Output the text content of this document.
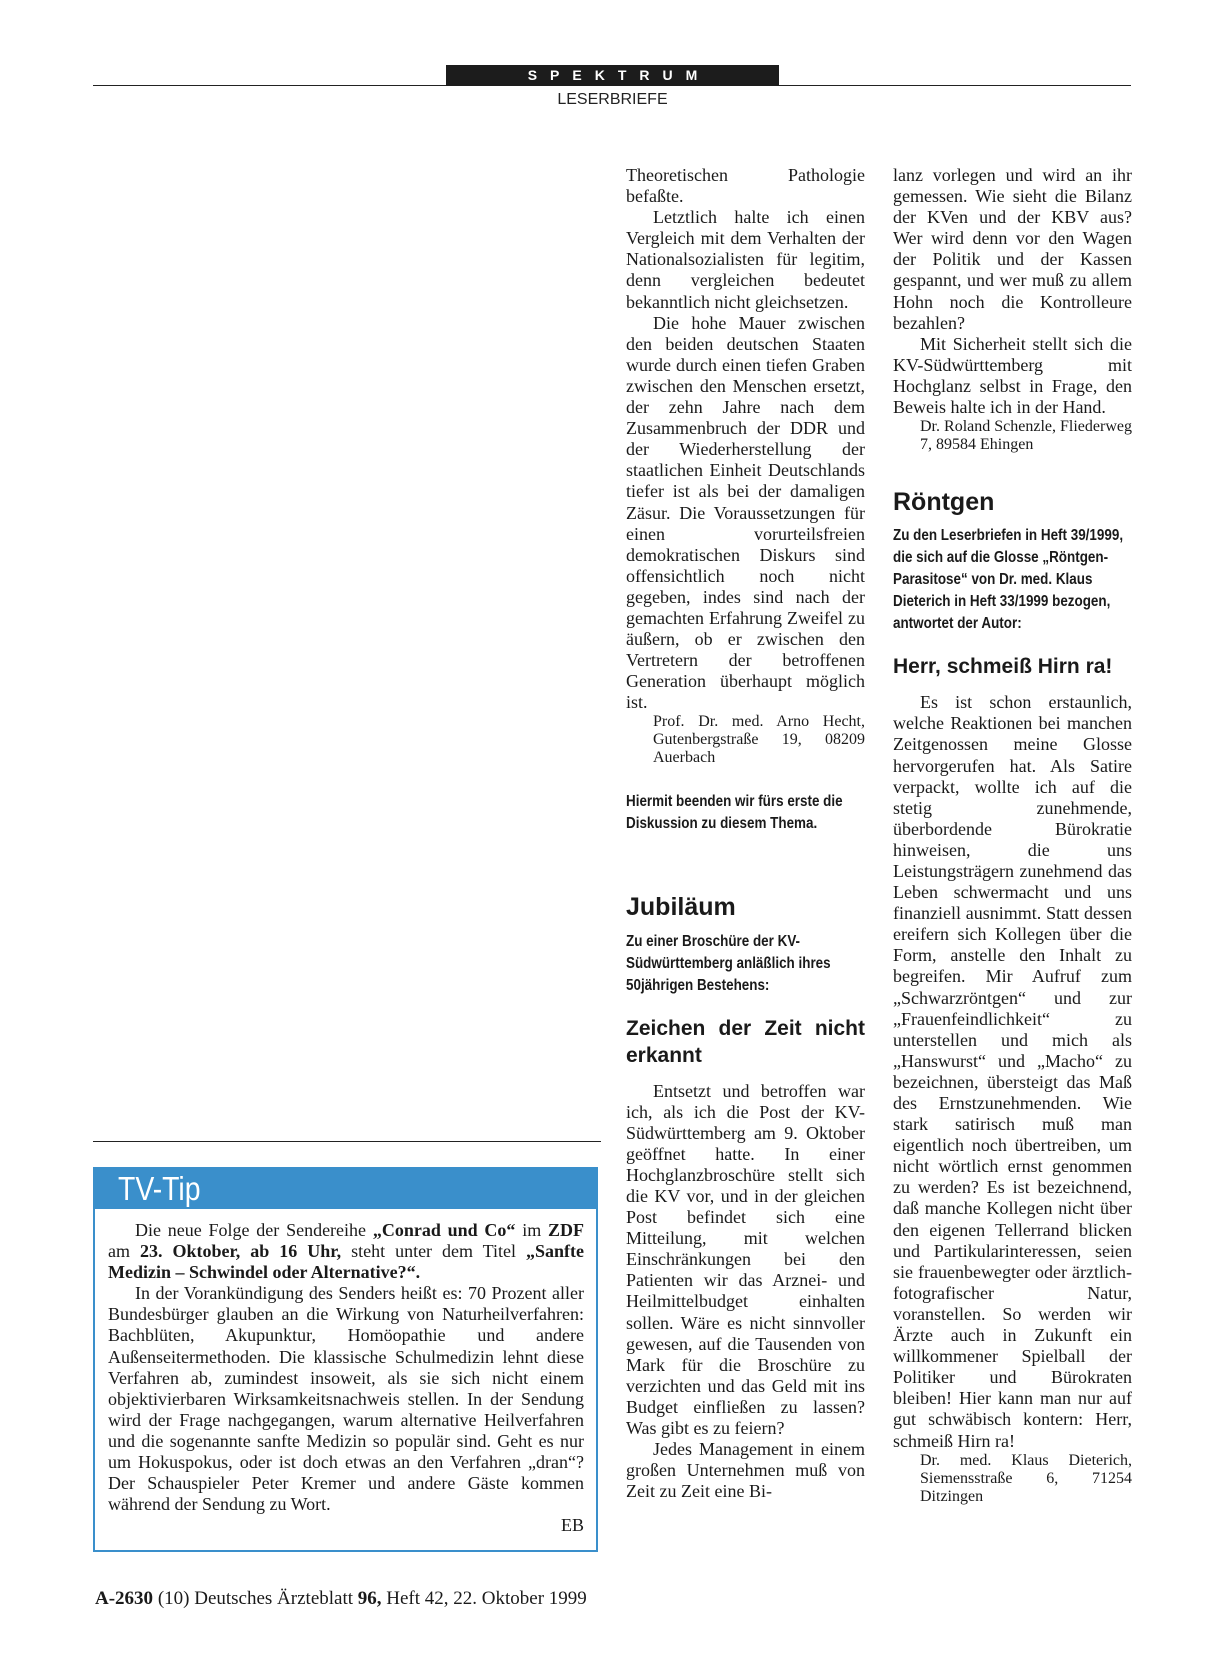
SPEKTRUM
LESERBRIEFE

Theoretischen Pathologie befaßte.

Letztlich halte ich einen Vergleich mit dem Verhalten der Nationalsozialisten für legitim, denn vergleichen bedeutet bekanntlich nicht gleichsetzen.

Die hohe Mauer zwischen den beiden deutschen Staaten wurde durch einen tiefen Graben zwischen den Menschen ersetzt, der zehn Jahre nach dem Zusammenbruch der DDR und der Wiederherstellung der staatlichen Einheit Deutschlands tiefer ist als bei der damaligen Zäsur. Die Voraussetzungen für einen vorurteilsfreien demokratischen Diskurs sind offensichtlich noch nicht gegeben, indes sind nach der gemachten Erfahrung Zweifel zu äußern, ob er zwischen den Vertretern der betroffenen Generation überhaupt möglich ist.

Prof. Dr. med. Arno Hecht, Gutenbergstraße 19, 08209 Auerbach
Hiermit beenden wir fürs erste die Diskussion zu diesem Thema.
Jubiläum
Zu einer Broschüre der KV-Südwürttemberg anläßlich ihres 50jährigen Bestehens:
Zeichen der Zeit nicht erkannt

Entsetzt und betroffen war ich, als ich die Post der KV-Südwürttemberg am 9. Oktober geöffnet hatte. In einer Hochglanzbroschüre stellt sich die KV vor, und in der gleichen Post befindet sich eine Mitteilung, mit welchen Einschränkungen bei den Patienten wir das Arznei- und Heilmittelbudget einhalten sollen. Wäre es nicht sinnvoller gewesen, auf die Tausenden von Mark für die Broschüre zu verzichten und das Geld mit ins Budget einfließen zu lassen? Was gibt es zu feiern?

Jedes Management in einem großen Unternehmen muß von Zeit zu Zeit eine Bi-

lanz vorlegen und wird an ihr gemessen. Wie sieht die Bilanz der KVen und der KBV aus? Wer wird denn vor den Wagen der Politik und der Kassen gespannt, und wer muß zu allem Hohn noch die Kontrolleure bezahlen?

Mit Sicherheit stellt sich die KV-Südwürttemberg mit Hochglanz selbst in Frage, den Beweis halte ich in der Hand.

Dr. Roland Schenzle, Fliederweg 7, 89584 Ehingen
Röntgen
Zu den Leserbriefen in Heft 39/1999, die sich auf die Glosse „Röntgen-Parasitose“ von Dr. med. Klaus Dieterich in Heft 33/1999 bezogen, antwortet der Autor:
Herr, schmeiß Hirn ra!

Es ist schon erstaunlich, welche Reaktionen bei manchen Zeitgenossen meine Glosse hervorgerufen hat. Als Satire verpackt, wollte ich auf die stetig zunehmende, überbordende Bürokratie hinweisen, die uns Leistungsträgern zunehmend das Leben schwermacht und uns finanziell ausnimmt. Statt dessen ereifern sich Kollegen über die Form, anstelle den Inhalt zu begreifen. Mir Aufruf zum „Schwarzröntgen“ und zur „Frauenfeindlichkeit“ zu unterstellen und mich als „Hanswurst“ und „Macho“ zu bezeichnen, übersteigt das Maß des Ernstzunehmenden. Wie stark satirisch muß man eigentlich noch übertreiben, um nicht wörtlich ernst genommen zu werden? Es ist bezeichnend, daß manche Kollegen nicht über den eigenen Tellerrand blicken und Partikularinteressen, seien sie frauenbewegter oder ärztlich-fotografischer Natur, voranstellen. So werden wir Ärzte auch in Zukunft ein willkommener Spielball der Politiker und Bürokraten bleiben! Hier kann man nur auf gut schwäbisch kontern: Herr, schmeiß Hirn ra!

Dr. med. Klaus Dieterich, Siemensstraße 6, 71254 Ditzingen
TV-Tip

Die neue Folge der Sendereihe „Conrad und Co“ im ZDF am 23. Oktober, ab 16 Uhr, steht unter dem Titel „Sanfte Medizin – Schwindel oder Alternative?“.

In der Vorankündigung des Senders heißt es: 70 Prozent aller Bundesbürger glauben an die Wirkung von Naturheilverfahren: Bachblüten, Akupunktur, Homöopathie und andere Außenseitermethoden. Die klassische Schulmedizin lehnt diese Verfahren ab, zumindest insoweit, als sie sich nicht einem objektivierbaren Wirksamkeitsnachweis stellen. In der Sendung wird der Frage nachgegangen, warum alternative Heilverfahren und die sogenannte sanfte Medizin so populär sind. Geht es nur um Hokuspokus, oder ist doch etwas an den Verfahren „dran“? Der Schauspieler Peter Kremer und andere Gäste kommen während der Sendung zu Wort.

EB
A-2630 (10) Deutsches Ärzteblatt 96, Heft 42, 22. Oktober 1999
